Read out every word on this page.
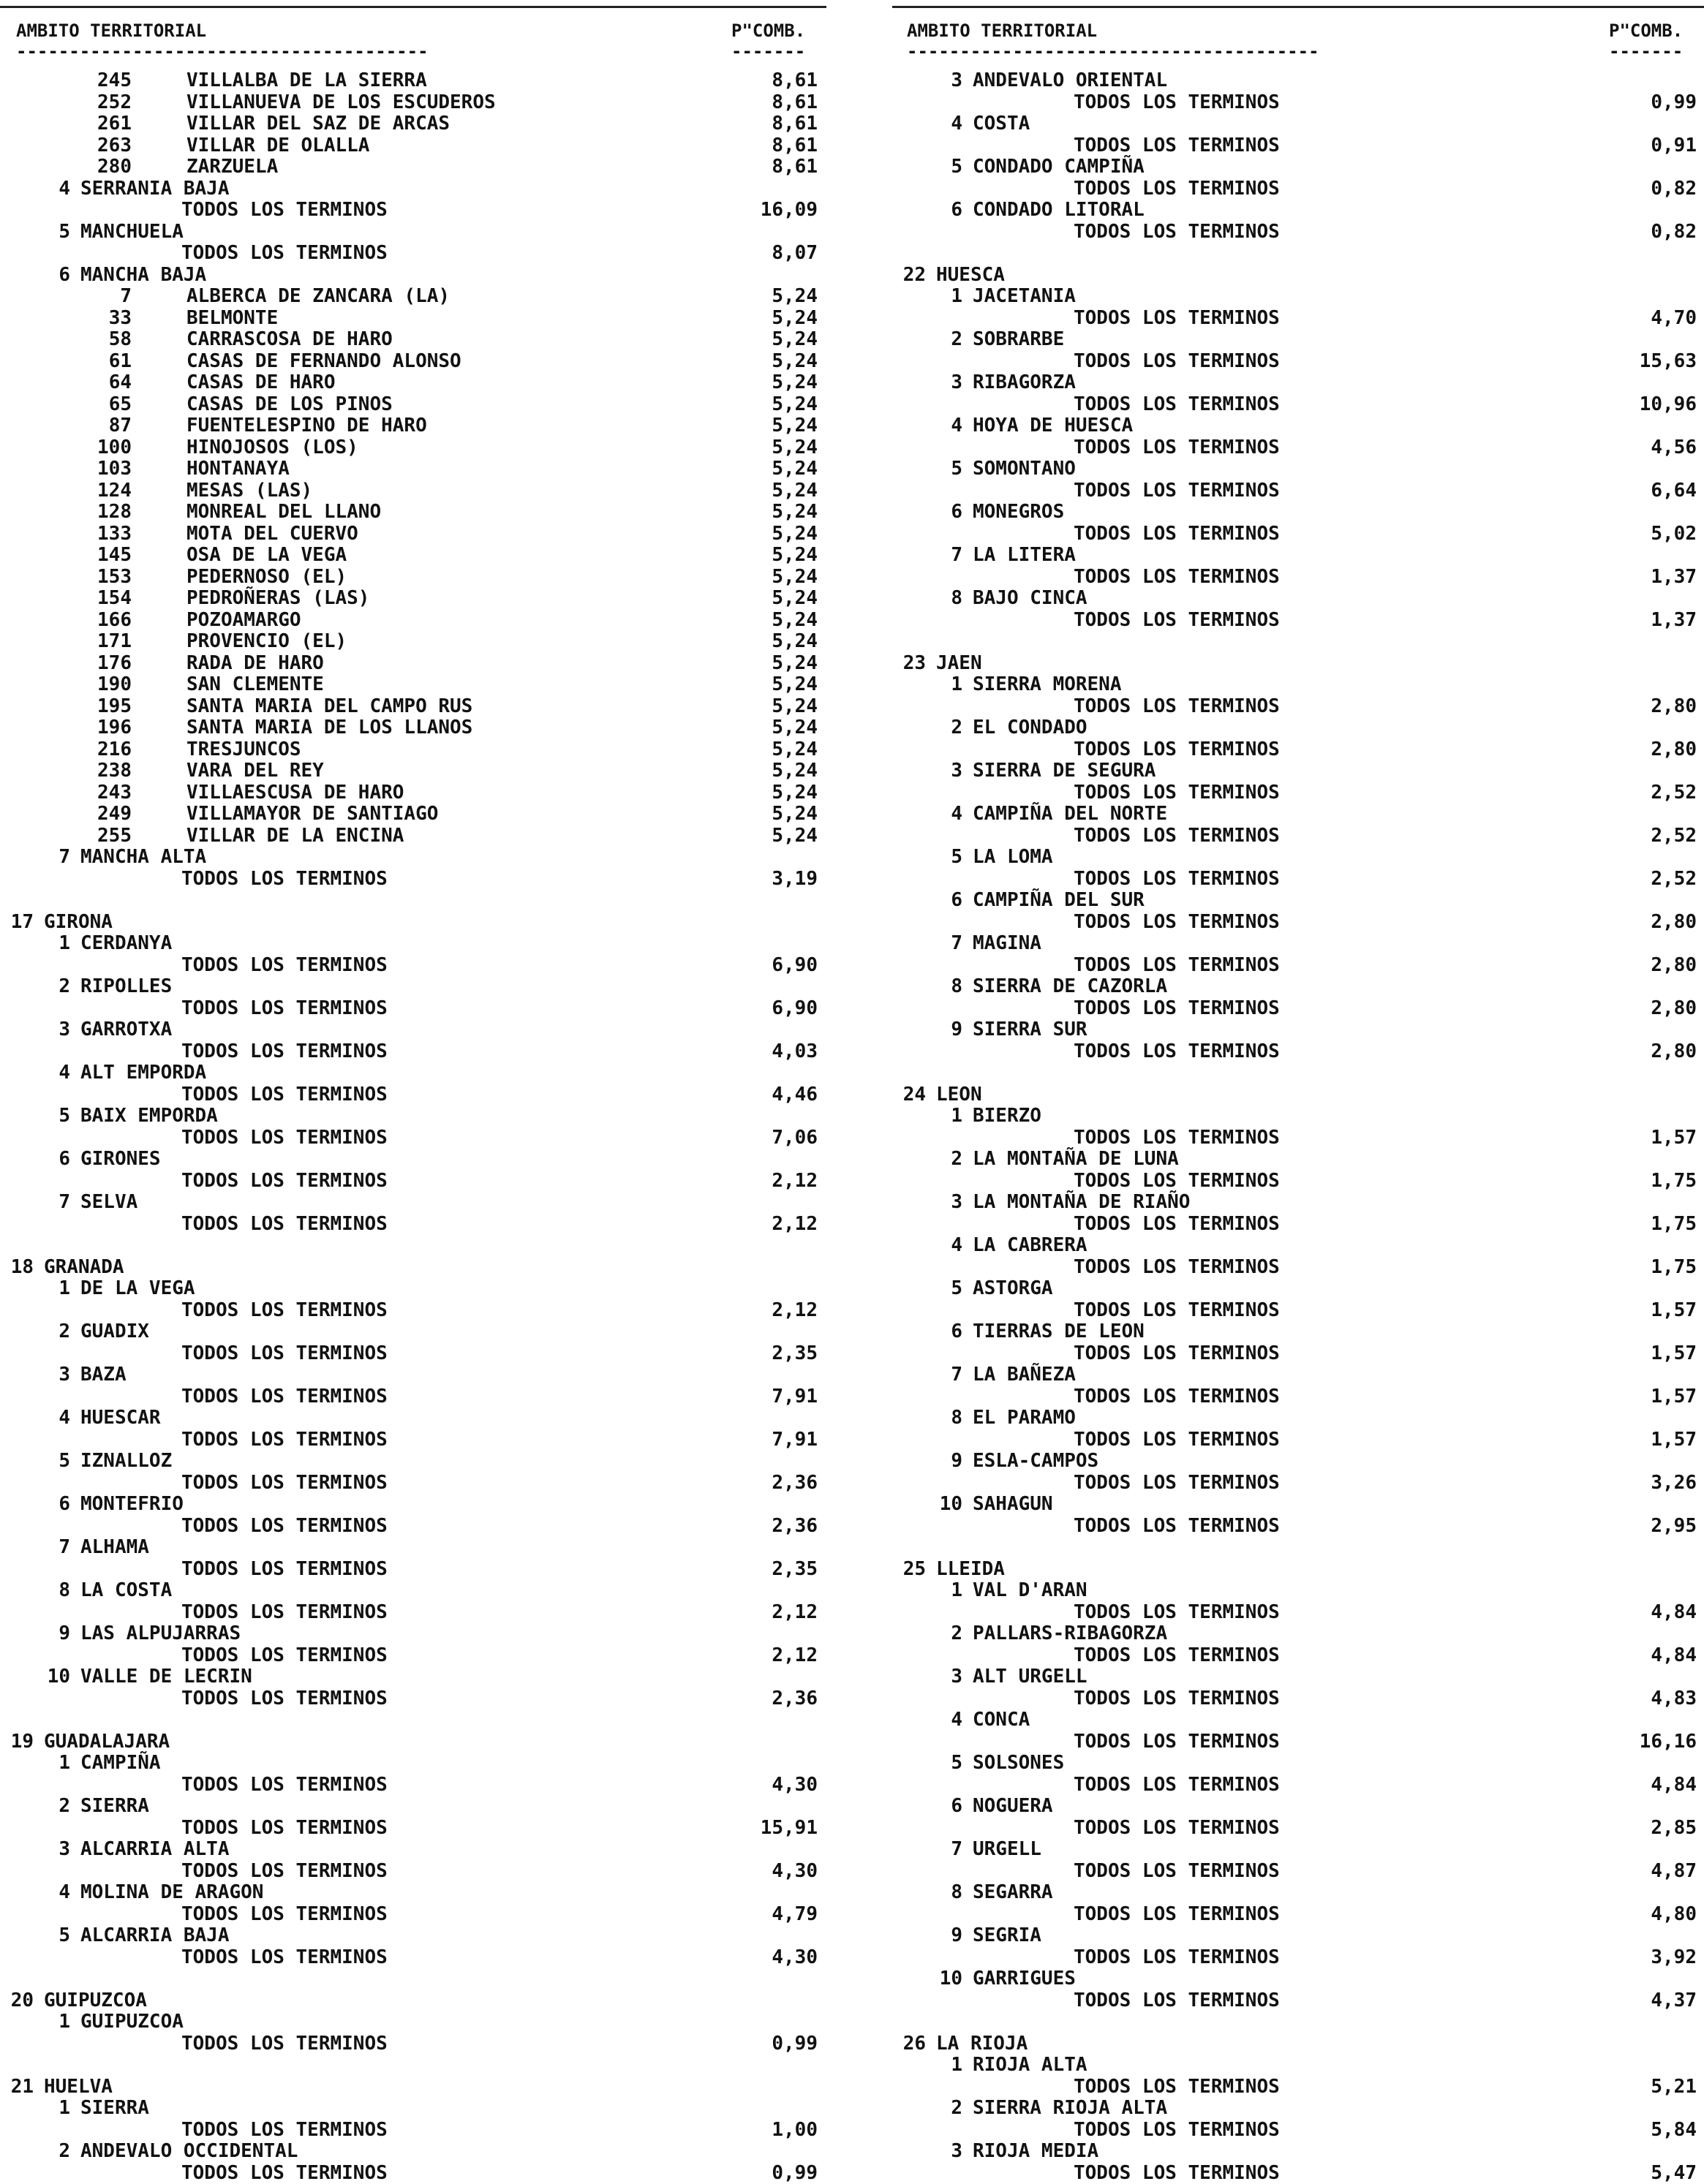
AMBITO TERRITORIAL	P"COMB.
---------------------------------------	-------
245	VILLALBA DE LA SIERRA	8,61
252	VILLANUEVA DE LOS ESCUDEROS	8,61
261	VILLAR DEL SAZ DE ARCAS	8,61
263	VILLAR DE OLALLA	8,61
280	ZARZUELA	8,61
4 SERRANIA BAJA
TODOS LOS TERMINOS	16,09
5 MANCHUELA
TODOS LOS TERMINOS	8,07
6 MANCHA BAJA
7	ALBERCA DE ZANCARA (LA)	5,24
33	BELMONTE	5,24
58	CARRASCOSA DE HARO	5,24
61	CASAS DE FERNANDO ALONSO	5,24
64	CASAS DE HARO	5,24
65	CASAS DE LOS PINOS	5,24
87	FUENTELESPINO DE HARO	5,24
100	HINOJOSOS (LOS)	5,24
103	HONTANAYA	5,24
124	MESAS (LAS)	5,24
128	MONREAL DEL LLANO	5,24
133	MOTA DEL CUERVO	5,24
145	OSA DE LA VEGA	5,24
153	PEDERNOSO (EL)	5,24
154	PEDROÑERAS (LAS)	5,24
166	POZOAMARGO	5,24
171	PROVENCIO (EL)	5,24
176	RADA DE HARO	5,24
190	SAN CLEMENTE	5,24
195	SANTA MARIA DEL CAMPO RUS	5,24
196	SANTA MARIA DE LOS LLANOS	5,24
216	TRESJUNCOS	5,24
238	VARA DEL REY	5,24
243	VILLAESCUSA DE HARO	5,24
249	VILLAMAYOR DE SANTIAGO	5,24
255	VILLAR DE LA ENCINA	5,24
7 MANCHA ALTA
TODOS LOS TERMINOS	3,19
17 GIRONA
1 CERDANYA
TODOS LOS TERMINOS	6,90
2 RIPOLLES
TODOS LOS TERMINOS	6,90
3 GARROTXA
TODOS LOS TERMINOS	4,03
4 ALT EMPORDA
TODOS LOS TERMINOS	4,46
5 BAIX EMPORDA
TODOS LOS TERMINOS	7,06
6 GIRONES
TODOS LOS TERMINOS	2,12
7 SELVA
TODOS LOS TERMINOS	2,12
18 GRANADA
1 DE LA VEGA
TODOS LOS TERMINOS	2,12
2 GUADIX
TODOS LOS TERMINOS	2,35
3 BAZA
TODOS LOS TERMINOS	7,91
4 HUESCAR
TODOS LOS TERMINOS	7,91
5 IZNALLOZ
TODOS LOS TERMINOS	2,36
6 MONTEFRIO
TODOS LOS TERMINOS	2,36
7 ALHAMA
TODOS LOS TERMINOS	2,35
8 LA COSTA
TODOS LOS TERMINOS	2,12
9 LAS ALPUJARRAS
TODOS LOS TERMINOS	2,12
10 VALLE DE LECRIN
TODOS LOS TERMINOS	2,36
19 GUADALAJARA
1 CAMPIÑA
TODOS LOS TERMINOS	4,30
2 SIERRA
TODOS LOS TERMINOS	15,91
3 ALCARRIA ALTA
TODOS LOS TERMINOS	4,30
4 MOLINA DE ARAGON
TODOS LOS TERMINOS	4,79
5 ALCARRIA BAJA
TODOS LOS TERMINOS	4,30
20 GUIPUZCOA
1 GUIPUZCOA
TODOS LOS TERMINOS	0,99
21 HUELVA
1 SIERRA
TODOS LOS TERMINOS	1,00
2 ANDEVALO OCCIDENTAL
TODOS LOS TERMINOS	0,99
AMBITO TERRITORIAL	P"COMB.
---------------------------------------	-------
3 ANDEVALO ORIENTAL
TODOS LOS TERMINOS	0,99
4 COSTA
TODOS LOS TERMINOS	0,91
5 CONDADO CAMPIÑA
TODOS LOS TERMINOS	0,82
6 CONDADO LITORAL
TODOS LOS TERMINOS	0,82
22 HUESCA
1 JACETANIA
TODOS LOS TERMINOS	4,70
2 SOBRARBE
TODOS LOS TERMINOS	15,63
3 RIBAGORZA
TODOS LOS TERMINOS	10,96
4 HOYA DE HUESCA
TODOS LOS TERMINOS	4,56
5 SOMONTANO
TODOS LOS TERMINOS	6,64
6 MONEGROS
TODOS LOS TERMINOS	5,02
7 LA LITERA
TODOS LOS TERMINOS	1,37
8 BAJO CINCA
TODOS LOS TERMINOS	1,37
23 JAEN
1 SIERRA MORENA
TODOS LOS TERMINOS	2,80
2 EL CONDADO
TODOS LOS TERMINOS	2,80
3 SIERRA DE SEGURA
TODOS LOS TERMINOS	2,52
4 CAMPIÑA DEL NORTE
TODOS LOS TERMINOS	2,52
5 LA LOMA
TODOS LOS TERMINOS	2,52
6 CAMPIÑA DEL SUR
TODOS LOS TERMINOS	2,80
7 MAGINA
TODOS LOS TERMINOS	2,80
8 SIERRA DE CAZORLA
TODOS LOS TERMINOS	2,80
9 SIERRA SUR
TODOS LOS TERMINOS	2,80
24 LEON
1 BIERZO
TODOS LOS TERMINOS	1,57
2 LA MONTAÑA DE LUNA
TODOS LOS TERMINOS	1,75
3 LA MONTAÑA DE RIAÑO
TODOS LOS TERMINOS	1,75
4 LA CABRERA
TODOS LOS TERMINOS	1,75
5 ASTORGA
TODOS LOS TERMINOS	1,57
6 TIERRAS DE LEON
TODOS LOS TERMINOS	1,57
7 LA BAÑEZA
TODOS LOS TERMINOS	1,57
8 EL PARAMO
TODOS LOS TERMINOS	1,57
9 ESLA-CAMPOS
TODOS LOS TERMINOS	3,26
10 SAHAGUN
TODOS LOS TERMINOS	2,95
25 LLEIDA
1 VAL D'ARAN
TODOS LOS TERMINOS	4,84
2 PALLARS-RIBAGORZA
TODOS LOS TERMINOS	4,84
3 ALT URGELL
TODOS LOS TERMINOS	4,83
4 CONCA
TODOS LOS TERMINOS	16,16
5 SOLSONES
TODOS LOS TERMINOS	4,84
6 NOGUERA
TODOS LOS TERMINOS	2,85
7 URGELL
TODOS LOS TERMINOS	4,87
8 SEGARRA
TODOS LOS TERMINOS	4,80
9 SEGRIA
TODOS LOS TERMINOS	3,92
10 GARRIGUES
TODOS LOS TERMINOS	4,37
26 LA RIOJA
1 RIOJA ALTA
TODOS LOS TERMINOS	5,21
2 SIERRA RIOJA ALTA
TODOS LOS TERMINOS	5,84
3 RIOJA MEDIA
TODOS LOS TERMINOS	5,47
